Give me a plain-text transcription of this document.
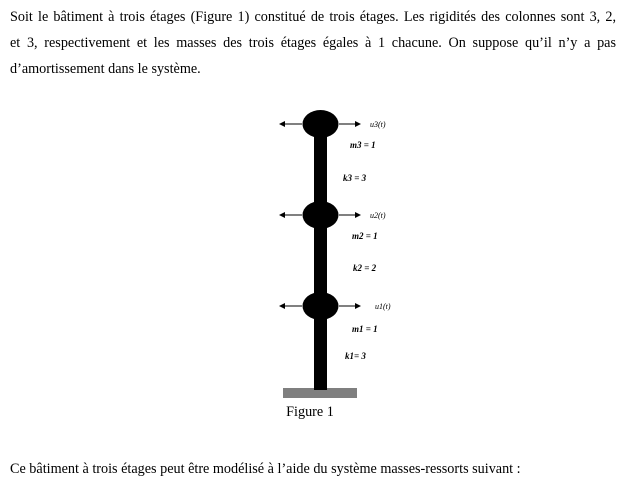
Soit le bâtiment à trois étages (Figure 1) constitué de trois étages. Les rigidités des colonnes sont 3, 2,
et 3, respectivement et les masses des trois étages égales à 1 chacune. On suppose qu’il n’y a pas
d’amortissement dans le système.
u3(t)
m3 = 1
k3 = 3
u2(t)
m2 = 1
k2 = 2
u1(t)
m1 = 1
k1= 3
Figure 1
Ce bâtiment à trois étages peut être modélisé à l’aide du système masses-ressorts suivant :
